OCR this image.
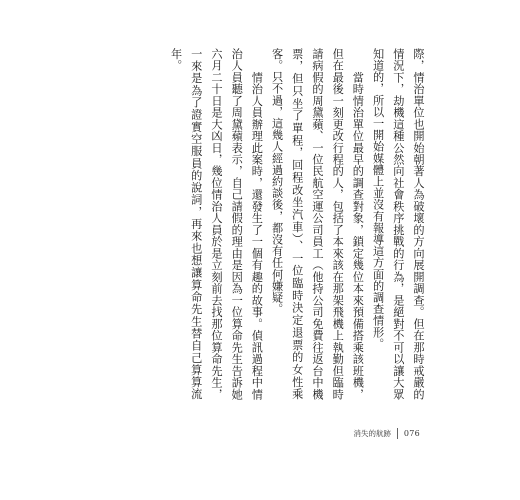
際，情治單位也開始朝著人為破壞的方向展開調查。但在那時戒嚴的情況下，劫機這種公然向社會秩序挑戰的行為，是絕對不可以讓大眾知道的，所以一開始媒體上並沒有報導這方面的調查情形。

　　當時情治單位最早的調查對象，鎖定幾位本來預備搭乘該班機，但在最後一刻更改行程的人，包括了本來該在那架飛機上執勤但臨時請病假的周黛蘋、一位民航空運公司員工（他持公司免費往返台中機票，但只坐了單程，回程改坐汽車）、一位臨時決定退票的女性乘客。只不過，這幾人經過約談後，都沒有任何嫌疑。

　　情治人員辦理此案時，還發生了一個有趣的故事。偵訊過程中情治人員聽了周黛蘋表示，自己請假的理由是因為一位算命先生告訴她六月二十日是大凶日，幾位情治人員於是立刻前去找那位算命先生，一來是為了證實空服員的說詞，再來也想讓算命先生替自己算算流年。

消失的航跡 076
